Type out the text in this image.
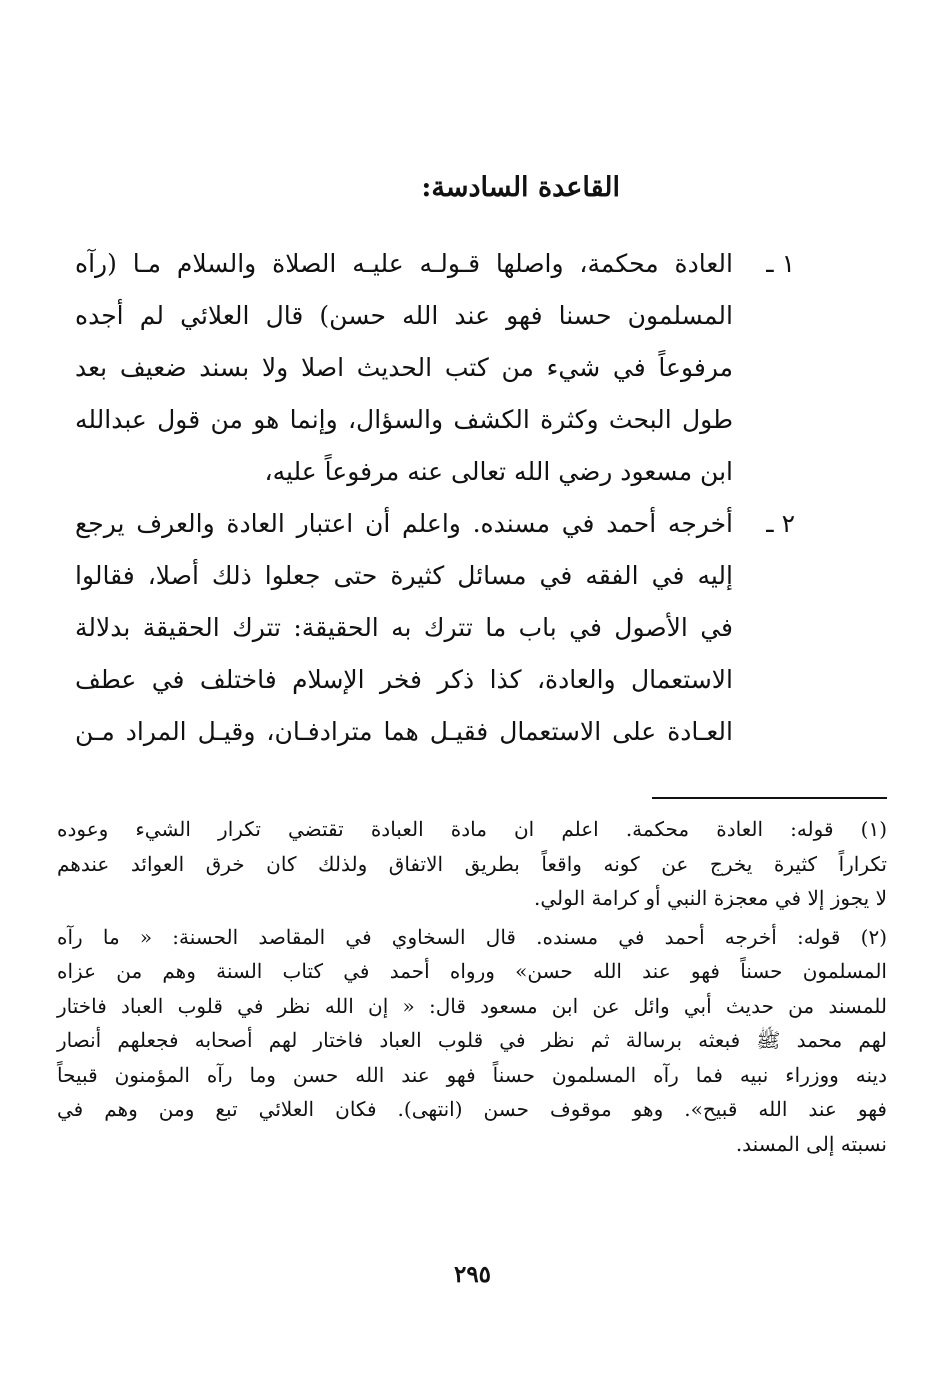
القاعدة السادسة:
١ ـ
العادة محكمة، واصلها قـولـه عليـه الصلاة والسلام مـا (رآه
المسلمون حسنا فهو عند الله حسن) قال العلائي لم أجده
مرفوعاً في شيء من كتب الحديث اصلا ولا بسند ضعيف بعد
طول البحث وكثرة الكشف والسؤال، وإنما هو من قول عبدالله
ابن مسعود رضي الله تعالى عنه مرفوعاً عليه،
٢ ـ
أخرجه أحمد في مسنده. واعلم أن اعتبار العادة والعرف يرجع
إليه في الفقه في مسائل كثيرة حتى جعلوا ذلك أصلا، فقالوا
في الأصول في باب ما تترك به الحقيقة: تترك الحقيقة بدلالة
الاستعمال والعادة، كذا ذكر فخر الإسلام فاختلف في عطف
العـادة على الاستعمال فقيـل هما مترادفـان، وقيـل المراد مـن
(١) قوله: العادة محكمة. اعلم ان مادة العبادة تقتضي تكرار الشيء وعوده
تكراراً كثيرة يخرج عن كونه واقعاً بطريق الاتفاق ولذلك كان خرق العوائد عندهم
لا يجوز إلا في معجزة النبي أو كرامة الولي.
(٢) قوله: أخرجه أحمد في مسنده. قال السخاوي في المقاصد الحسنة: « ما رآه
المسلمون حسناً فهو عند الله حسن» ورواه أحمد في كتاب السنة وهم من عزاه
للمسند من حديث أبي وائل عن ابن مسعود قال: « إن الله نظر في قلوب العباد فاختار
لهم محمد ﷺ فبعثه برسالة ثم نظر في قلوب العباد فاختار لهم أصحابه فجعلهم أنصار
دينه ووزراء نبيه فما رآه المسلمون حسناً فهو عند الله حسن وما رآه المؤمنون قبيحاً
فهو عند الله قبيح». وهو موقوف حسن (انتهى). فكان العلائي تبع ومن وهم في
نسبته إلى المسند.
٢٩٥
